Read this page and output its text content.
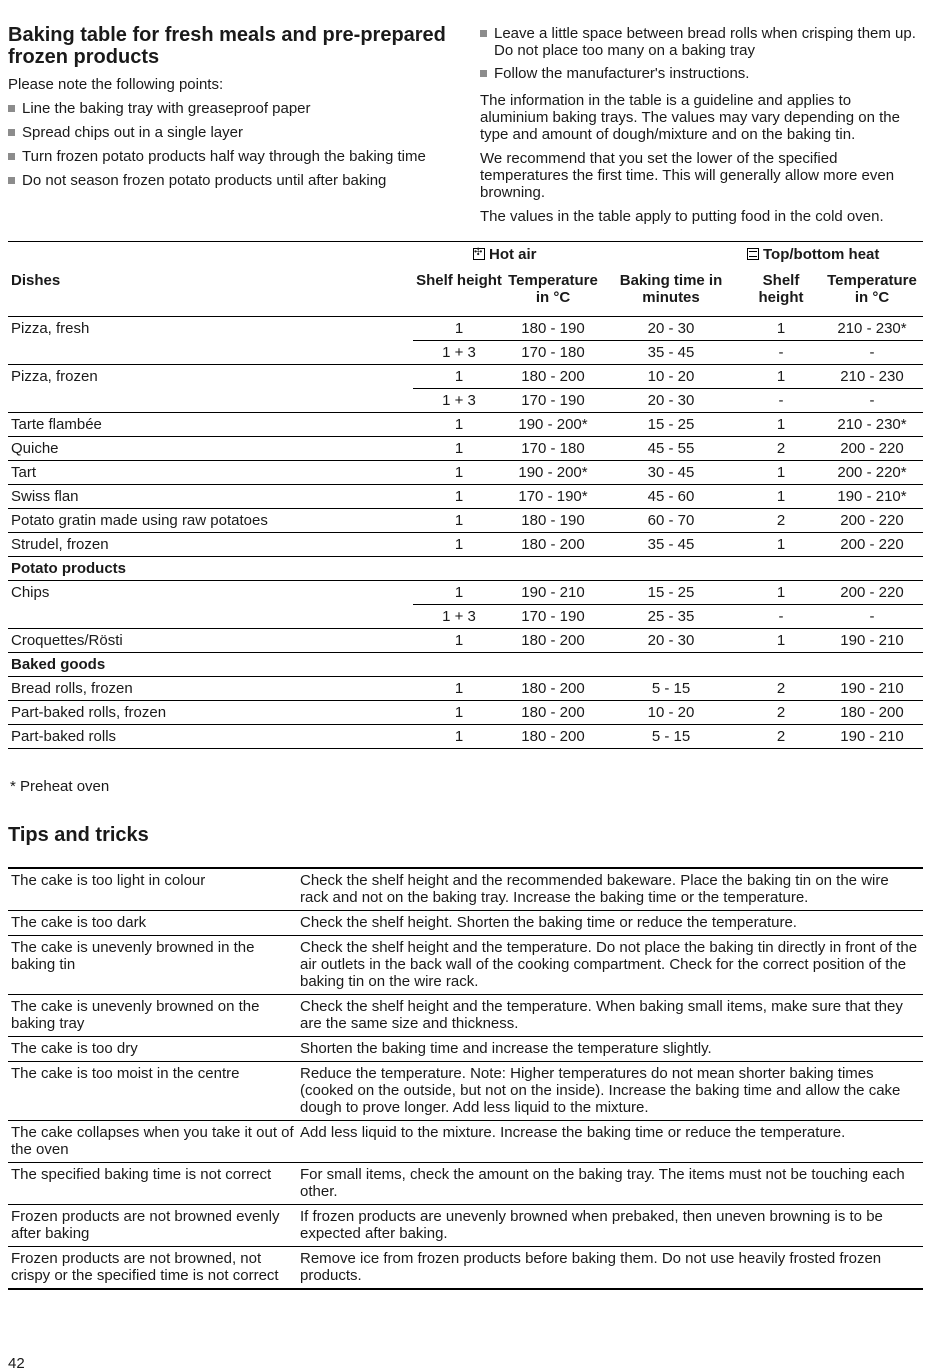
Baking table for fresh meals and pre-prepared frozen products

Please note the following points:

Line the baking tray with greaseproof paper
Spread chips out in a single layer
Turn frozen potato products half way through the baking time
Do not season frozen potato products until after baking
Leave a little space between bread rolls when crisping them up. Do not place too many on a baking tray
Follow the manufacturer's instructions.

The information in the table is a guideline and applies to aluminium baking trays. The values may vary depending on the type and amount of dough/mixture and on the baking tin.

We recommend that you set the lower of the specified temperatures the first time. This will generally allow more even browning.

The values in the table apply to putting food in the cold oven.

	✣Hot air			Top/bottom heat	
Dishes	Shelf height	Temperature in °C	Baking time in minutes	Shelf height	Temperature in °C
Pizza, fresh	1	180 - 190	20 - 30	1	210 - 230*
	1 + 3	170 - 180	35 - 45	-	-
Pizza, frozen	1	180 - 200	10 - 20	1	210 - 230
	1 + 3	170 - 190	20 - 30	-	-
Tarte flambée	1	190 - 200*	15 - 25	1	210 - 230*
Quiche	1	170 - 180	45 - 55	2	200 - 220
Tart	1	190 - 200*	30 - 45	1	200 - 220*
Swiss flan	1	170 - 190*	45 - 60	1	190 - 210*
Potato gratin made using raw potatoes	1	180 - 190	60 - 70	2	200 - 220
Strudel, frozen	1	180 - 200	35 - 45	1	200 - 220
Potato products					
Chips	1	190 - 210	15 - 25	1	200 - 220
	1 + 3	170 - 190	25 - 35	-	-
Croquettes/Rösti	1	180 - 200	20 - 30	1	190 - 210
Baked goods					
Bread rolls, frozen	1	180 - 200	5 - 15	2	190 - 210
Part-baked rolls, frozen	1	180 - 200	10 - 20	2	180 - 200
Part-baked rolls	1	180 - 200	5 - 15	2	190 - 210
* Preheat oven
Tips and tricks
The cake is too light in colour	Check the shelf height and the recommended bakeware. Place the baking tin on the wire rack and not on the baking tray. Increase the baking time or the temperature.
The cake is too dark	Check the shelf height. Shorten the baking time or reduce the temperature.
The cake is unevenly browned in the baking tin	Check the shelf height and the temperature. Do not place the baking tin directly in front of the air outlets in the back wall of the cooking compartment. Check for the correct position of the baking tin on the wire rack.
The cake is unevenly browned on the baking tray	Check the shelf height and the temperature. When baking small items, make sure that they are the same size and thickness.
The cake is too dry	Shorten the baking time and increase the temperature slightly.
The cake is too moist in the centre	Reduce the temperature. Note: Higher temperatures do not mean shorter baking times (cooked on the outside, but not on the inside). Increase the baking time and allow the cake dough to prove longer. Add less liquid to the mixture.
The cake collapses when you take it out of the oven	Add less liquid to the mixture. Increase the baking time or reduce the temperature.
The specified baking time is not correct	For small items, check the amount on the baking tray. The items must not be touching each other.
Frozen products are not browned evenly after baking	If frozen products are unevenly browned when prebaked, then uneven browning is to be expected after baking.
Frozen products are not browned, not crispy or the specified time is not correct	Remove ice from frozen products before baking them. Do not use heavily frosted frozen products.
42
